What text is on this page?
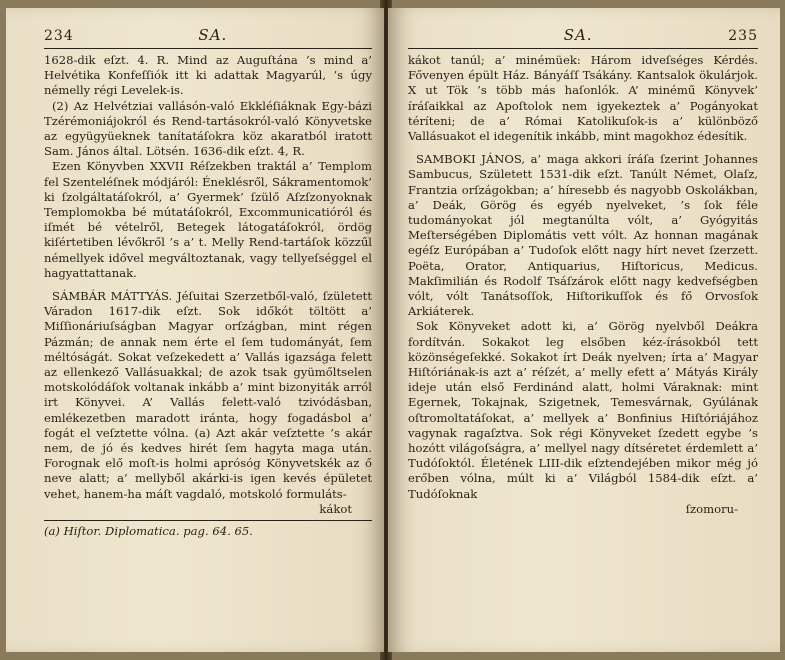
234	SA.

1628-dik eſzt. 4. R. Mind az Auguſtána ’s mind a’ Helvétika Konfeſſiók itt ki adattak Magyarúl, ’s úgy némelly régi Levelek-is.

(2) Az Helvétziai vallásón-való Ekkléſiáknak Egy-bázi Tzérémoniájokról és Rend-tartásokról-való Könyvetske az együgyüeknek tanítatáſokra köz akaratból iratott Sam. János által. Lötsén. 1636-dik eſzt. 4, R.

Ezen Könyvben XXVII Réſzekben traktál a’ Templom fel Szenteléſnek módjáról: Éneklésről, Sákramentomok’ ki ſzolgáltatáſokról, a’ Gyermek’ ſzülő Aſzſzonyoknak Templomokba bé mútatáſokról, Excommunicatióról és iſmét bé vételről, Betegek látogatáſokról, ördög kiſértetiben lévőkről ’s a’ t. Melly Rend-tartáſok közzűl némellyek idővel megváltoztanak, vagy tellyeſséggel el hagyattattanak.

SÁMBÁR MÁTTYÁS. Jéſuitai Szerzetből-való, ſzületett Váradon 1617-dik eſzt. Sok időkót töltött a’ Miſſionáriuſságban Magyar orſzágban, mint régen Pázmán; de annak nem érte el ſem tudományát, ſem méltóságát. Sokat veſzekedett a’ Vallás igazsága felett az ellenkező Vallásuakkal; de azok tsak gyümőltselen motskolódáſok voltanak inkább a’ mint bizonyiták arról irt Könyvei. A’ Vallás felett-való tzivódásban, emlékezetben maradott iránta, hogy fogadásbol a’ fogát el veſztette vólna. (a) Azt akár veſztette ’s akár nem, de jó és kedves hirét ſem hagyta maga után. Forognak elő moſt-is holmi aprósóg Könyvetskék az ő neve alatt; a’ mellyből akárki-is igen kevés épületet vehet, hanem-ha máſt vagdaló, motskoló formuláts-

kákot
(a) Hiſtor. Diplomatica. pag. 64. 65.
SA.	235

kákot tanúl; a’ minémüek: Három idveſséges Kérdés. Fővenyen épült Ház. Bányáſſ Tsákány. Kantsalok ökulárjok. X ut Tök ’s több más haſonlók. A’ minémű Könyvek’ íráſaikkal az Apoſtolok nem igyekeztek a’ Pogányokat téríteni; de a’ Római Katolikuſok-is a’ különböző Vallásuakot el idegenítik inkább, mint magokhoz édesítik.

SAMBOKI JÁNOS, a’ maga akkori íráſa ſzerint Johannes Sambucus, Született 1531-dik eſzt. Tanúlt Német, Olaſz, Frantzia orſzágokban; a’ híresebb és nagyobb Oskolákban, a’ Deák, Görög és egyéb nyelveket, ’s ſok féle tudományokat jól megtanúlta vólt, a’ Gyógyitás Meſterségében Diplomátis vett vólt. Az honnan magának egéſz Európában a’ Tudoſok előtt nagy hírt nevet ſzerzett. Poëta, Orator, Antiquarius, Hiſtoricus, Medicus. Makſimilián és Rodolf Tsáſzárok előtt nagy kedvefségben vólt, vólt Tanátsoſſok, Hiſtorikuſſok és fő Orvosſok Arkiáterek.

Sok Könyveket adott ki, a’ Görög nyelvből Deákra fordítván. Sokakot leg elsőben kéz-írásokból tett közönségeſekké. Sokakot írt Deák nyelven; írta a’ Magyar Hiſtóriának-is azt a’ réſzét, a’ melly efett a’ Mátyás Király ideje után első Ferdinánd alatt, holmi Váraknak: mint Egernek, Tokajnak, Szigetnek, Temesvárnak, Gyúlának oſtromoltatáſokat, a’ mellyek a’ Bonfinius Hiſtóriájához vagynak ragaſztva. Sok régi Könyveket ſzedett egybe ’s hozótt világoſságra, a’ mellyel nagy dítséretet érdemlett a’ Tudóſoktól. Életének LIII-dik eſztendejében mikor még jó erőben vólna, múlt ki a’ Világból 1584-dik eſzt. a’ Tudóſoknak

ſzomoru-
